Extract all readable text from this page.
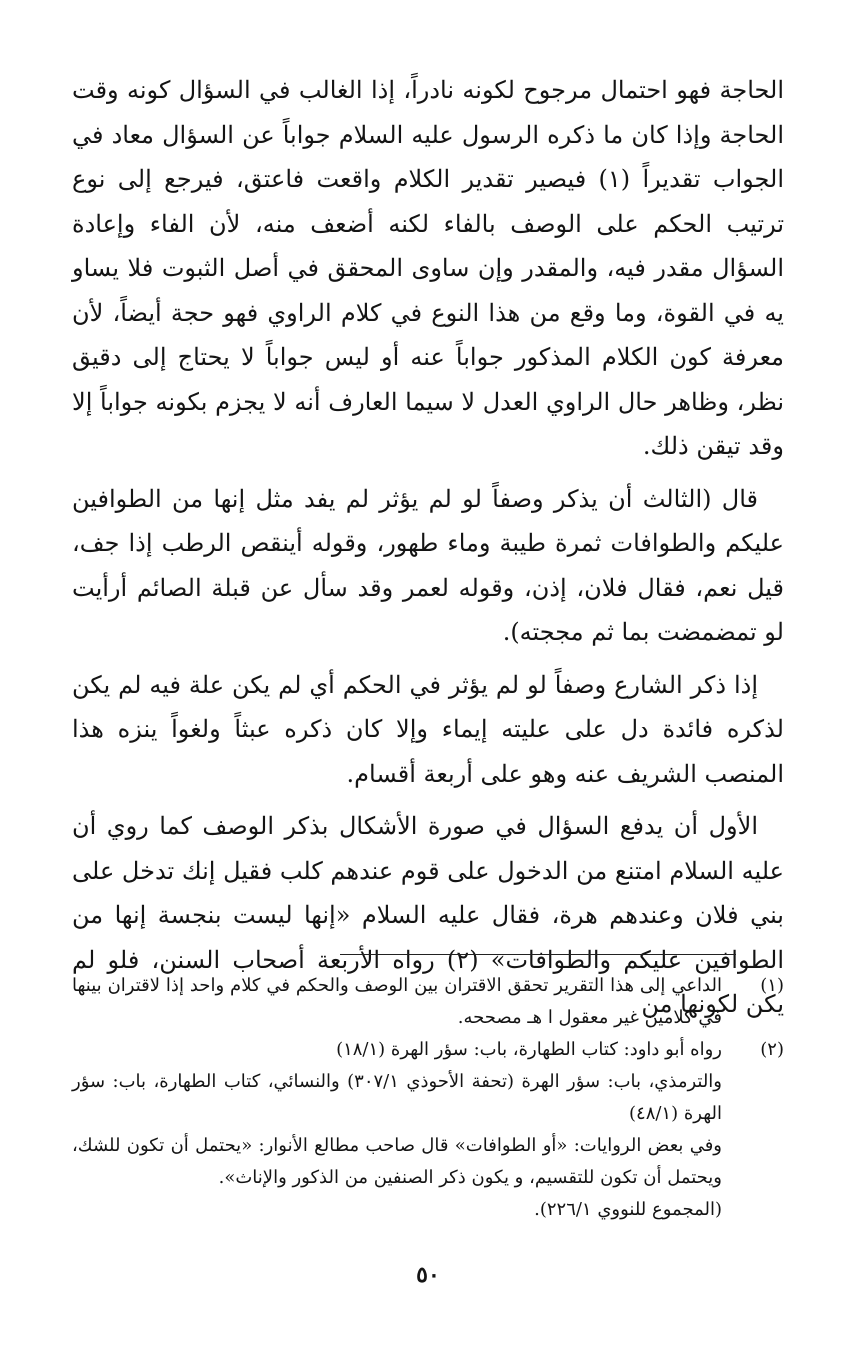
الحاجة فهو احتمال مرجوح لكونه نادراً، إذا الغالب في السؤال كونه وقت الحاجة وإذا كان ما ذكره الرسول عليه السلام جواباً عن السؤال معاد في الجواب تقديراً (١) فيصير تقدير الكلام واقعت فاعتق، فيرجع إلى نوع ترتيب الحكم على الوصف بالفاء لكنه أضعف منه، لأن الفاء وإعادة السؤال مقدر فيه، والمقدر وإن ساوى المحقق في أصل الثبوت فلا يساو يه في القوة، وما وقع من هذا النوع في كلام الراوي فهو حجة أيضاً، لأن معرفة كون الكلام المذكور جواباً عنه أو ليس جواباً لا يحتاج إلى دقيق نظر، وظاهر حال الراوي العدل لا سيما العارف أنه لا يجزم بكونه جواباً إلا وقد تيقن ذلك.

قال (الثالث أن يذكر وصفاً لو لم يؤثر لم يفد مثل إنها من الطوافين عليكم والطوافات ثمرة طيبة وماء طهور، وقوله أينقص الرطب إذا جف، قيل نعم، فقال فلان، إذن، وقوله لعمر وقد سأل عن قبلة الصائم أرأيت لو تمضمضت بما ثم مججته).

إذا ذكر الشارع وصفاً لو لم يؤثر في الحكم أي لم يكن علة فيه لم يكن لذكره فائدة دل على عليته إيماء وإلا كان ذكره عبثاً ولغواً ينزه هذا المنصب الشريف عنه وهو على أربعة أقسام.

الأول أن يدفع السؤال في صورة الأشكال بذكر الوصف كما روي أن عليه السلام امتنع من الدخول على قوم عندهم كلب فقيل إنك تدخل على بني فلان وعندهم هرة، فقال عليه السلام «إنها ليست بنجسة إنها من الطوافين عليكم والطوافات» (٢) رواه الأربعة أصحاب السنن، فلو لم يكن لكونها من

(١)

الداعي إلى هذا التقرير تحقق الاقتران بين الوصف والحكم في كلام واحد إذا لاقتران بينها في كلامين غير معقول ا هـ مصححه.

(٢)

رواه أبو داود: كتاب الطهارة، باب: سؤر الهرة (١٨/١)

والترمذي، باب: سؤر الهرة (تحفة الأحوذي ٣٠٧/١) والنسائي، كتاب الطهارة، باب: سؤر الهرة (٤٨/١)

وفي بعض الروايات: «أو الطوافات» قال صاحب مطالع الأنوار: «يحتمل أن تكون للشك، ويحتمل أن تكون للتقسيم، و يكون ذكر الصنفين من الذكور والإناث».

(المجموع للنووي ٢٢٦/١).

٥٠
